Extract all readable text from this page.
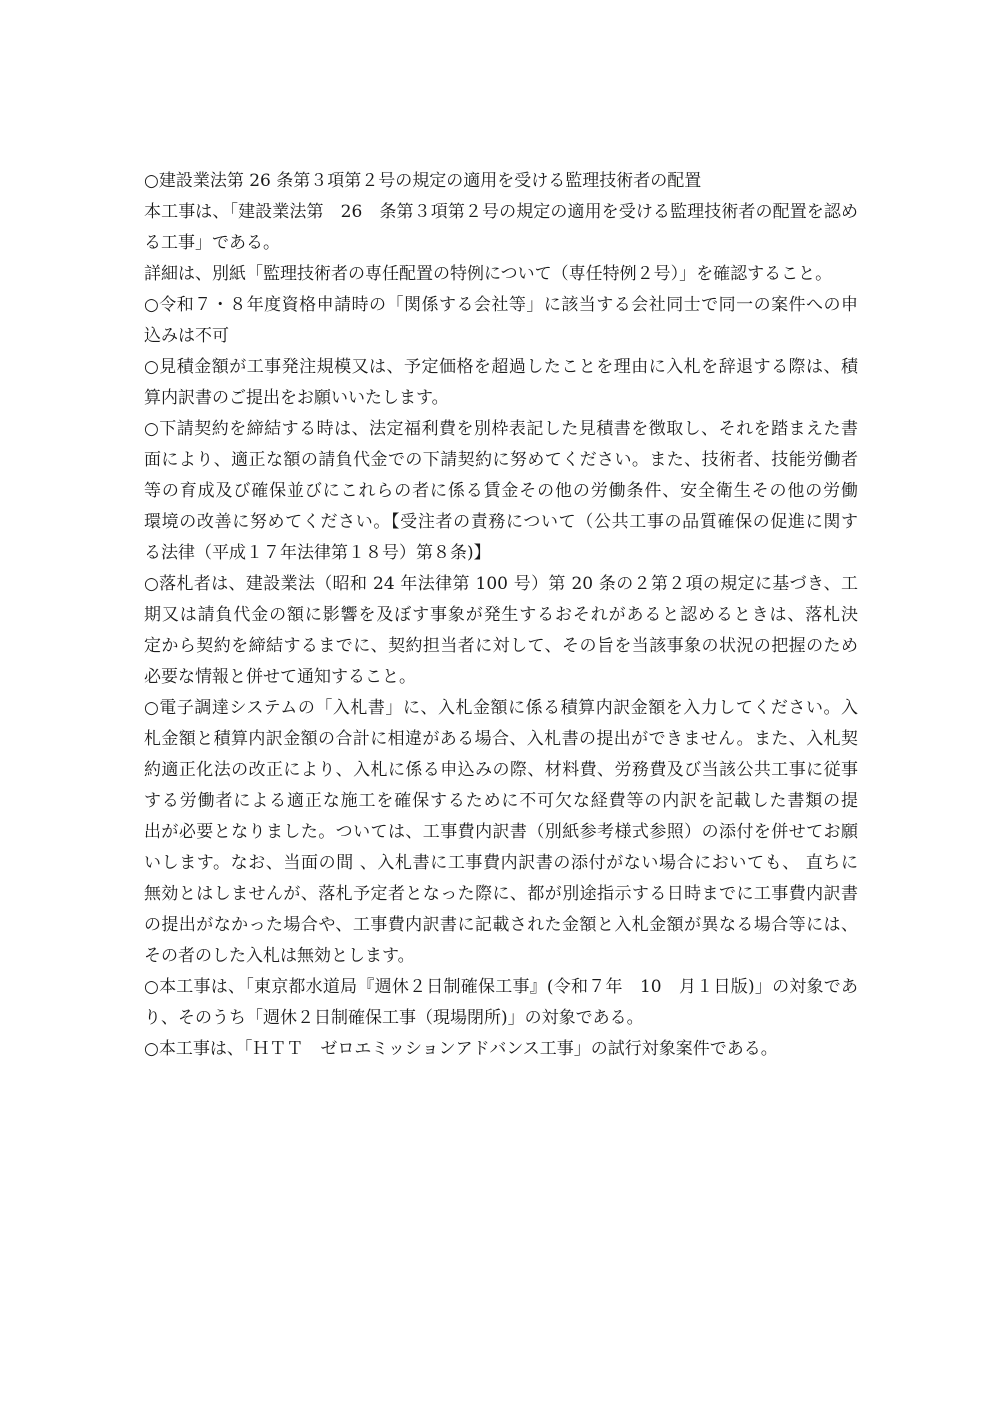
○建設業法第 26 条第３項第２号の規定の適用を受ける監理技術者の配置
本工事は、「建設業法第　26　条第３項第２号の規定の適用を受ける監理技術者の配置を認め
る工事」である。
詳細は、別紙「監理技術者の専任配置の特例について（専任特例２号）」を確認すること。
○令和７・８年度資格申請時の「関係する会社等」に該当する会社同士で同一の案件への申
込みは不可
○見積金額が工事発注規模又は、予定価格を超過したことを理由に入札を辞退する際は、積
算内訳書のご提出をお願いいたします。
○下請契約を締結する時は、法定福利費を別枠表記した見積書を徴取し、それを踏まえた書
面により、適正な額の請負代金での下請契約に努めてください。また、技術者、技能労働者
等の育成及び確保並びにこれらの者に係る賃金その他の労働条件、安全衛生その他の労働
環境の改善に努めてください。【受注者の責務について（公共工事の品質確保の促進に関す
る法律（平成１７年法律第１８号）第８条)】
○落札者は、建設業法（昭和 24 年法律第 100 号）第 20 条の２第２項の規定に基づき、工
期又は請負代金の額に影響を及ぼす事象が発生するおそれがあると認めるときは、落札決
定から契約を締結するまでに、契約担当者に対して、その旨を当該事象の状況の把握のため
必要な情報と併せて通知すること。
○電子調達システムの「入札書」に、入札金額に係る積算内訳金額を入力してください。入
札金額と積算内訳金額の合計に相違がある場合、入札書の提出ができません。また、入札契
約適正化法の改正により、入札に係る申込みの際、材料費、労務費及び当該公共工事に従事
する労働者による適正な施工を確保するために不可欠な経費等の内訳を記載した書類の提
出が必要となりました。ついては、工事費内訳書（別紙参考様式参照）の添付を併せてお願
いします。なお、当面の間 、入札書に工事費内訳書の添付がない場合においても、 直ちに
無効とはしませんが、落札予定者となった際に、都が別途指示する日時までに工事費内訳書
の提出がなかった場合や、工事費内訳書に記載された金額と入札金額が異なる場合等には、
その者のした入札は無効とします。
○本工事は、「東京都水道局『週休２日制確保工事』(令和７年　10　月１日版)」の対象であ
り、そのうち「週休２日制確保工事（現場閉所)」の対象である。
○本工事は、「ＨＴＴ　ゼロエミッションアドバンス工事」の試行対象案件である。
